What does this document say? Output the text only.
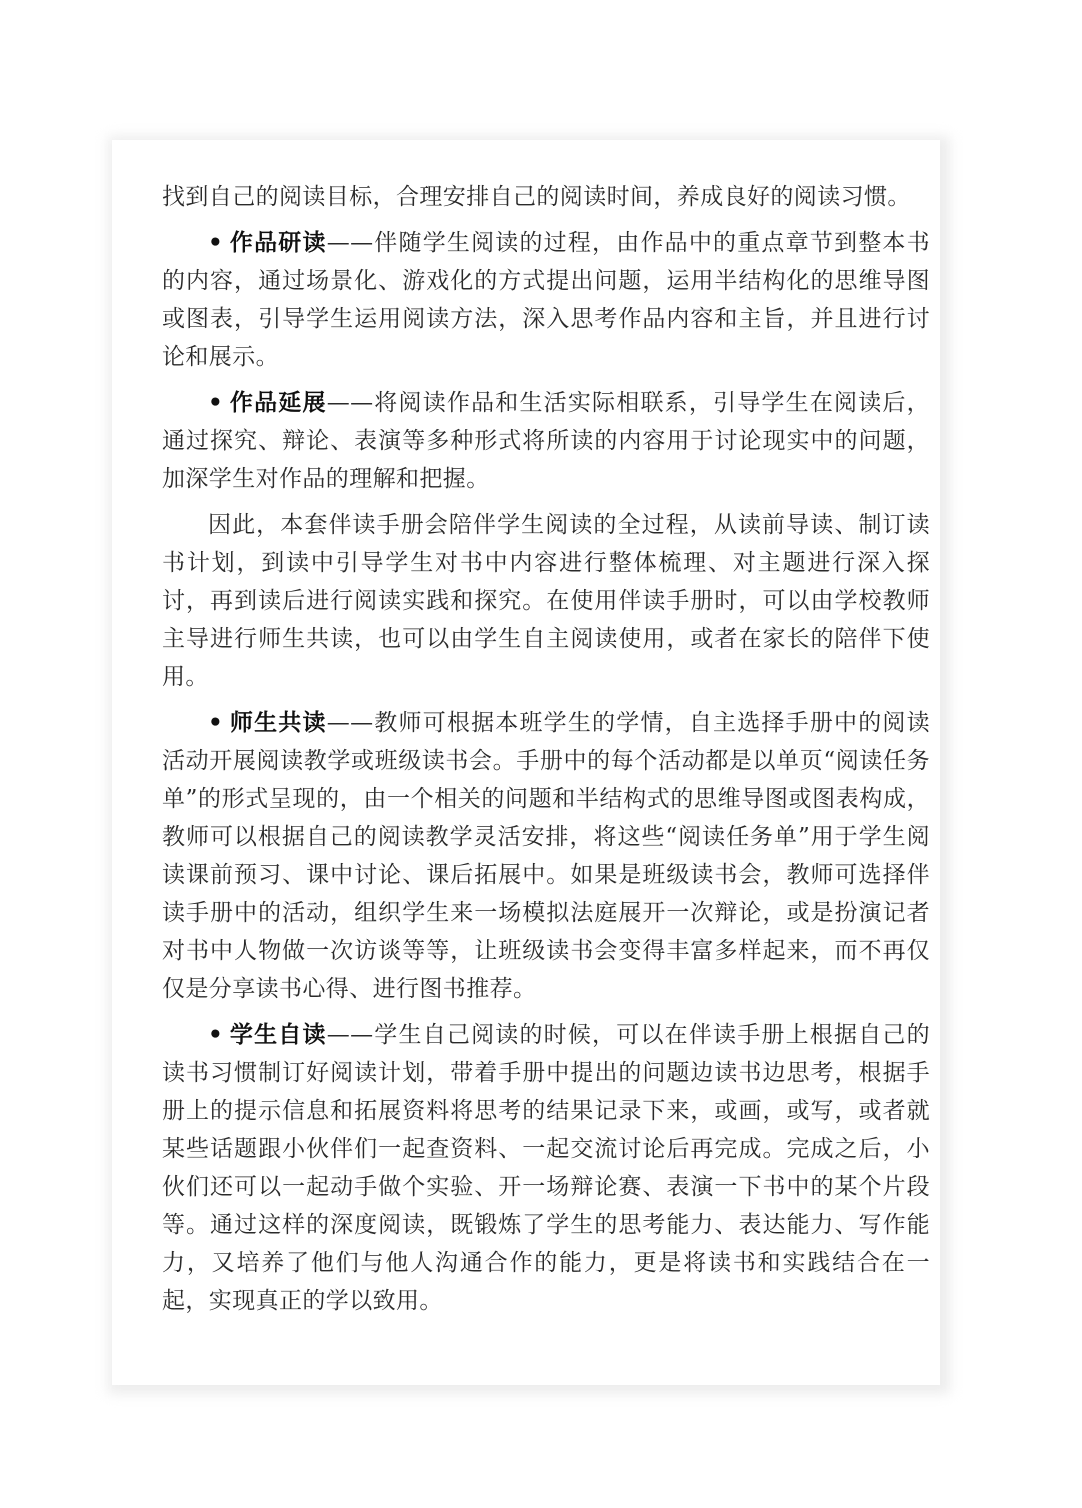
找到自己的阅读目标，合理安排自己的阅读时间，养成良好的阅读习惯。

• 作品研读——伴随学生阅读的过程，由作品中的重点章节到整本书的内容，通过场景化、游戏化的方式提出问题，运用半结构化的思维导图或图表，引导学生运用阅读方法，深入思考作品内容和主旨，并且进行讨论和展示。

• 作品延展——将阅读作品和生活实际相联系，引导学生在阅读后，通过探究、辩论、表演等多种形式将所读的内容用于讨论现实中的问题，加深学生对作品的理解和把握。

因此，本套伴读手册会陪伴学生阅读的全过程，从读前导读、制订读书计划，到读中引导学生对书中内容进行整体梳理、对主题进行深入探讨，再到读后进行阅读实践和探究。在使用伴读手册时，可以由学校教师主导进行师生共读，也可以由学生自主阅读使用，或者在家长的陪伴下使用。

• 师生共读——教师可根据本班学生的学情，自主选择手册中的阅读活动开展阅读教学或班级读书会。手册中的每个活动都是以单页“阅读任务单”的形式呈现的，由一个相关的问题和半结构式的思维导图或图表构成，教师可以根据自己的阅读教学灵活安排，将这些“阅读任务单”用于学生阅读课前预习、课中讨论、课后拓展中。如果是班级读书会，教师可选择伴读手册中的活动，组织学生来一场模拟法庭展开一次辩论，或是扮演记者对书中人物做一次访谈等等，让班级读书会变得丰富多样起来，而不再仅仅是分享读书心得、进行图书推荐。

• 学生自读——学生自己阅读的时候，可以在伴读手册上根据自己的读书习惯制订好阅读计划，带着手册中提出的问题边读书边思考，根据手册上的提示信息和拓展资料将思考的结果记录下来，或画，或写，或者就某些话题跟小伙伴们一起查资料、一起交流讨论后再完成。完成之后，小伙们还可以一起动手做个实验、开一场辩论赛、表演一下书中的某个片段等。通过这样的深度阅读，既锻炼了学生的思考能力、表达能力、写作能力，又培养了他们与他人沟通合作的能力，更是将读书和实践结合在一起，实现真正的学以致用。
